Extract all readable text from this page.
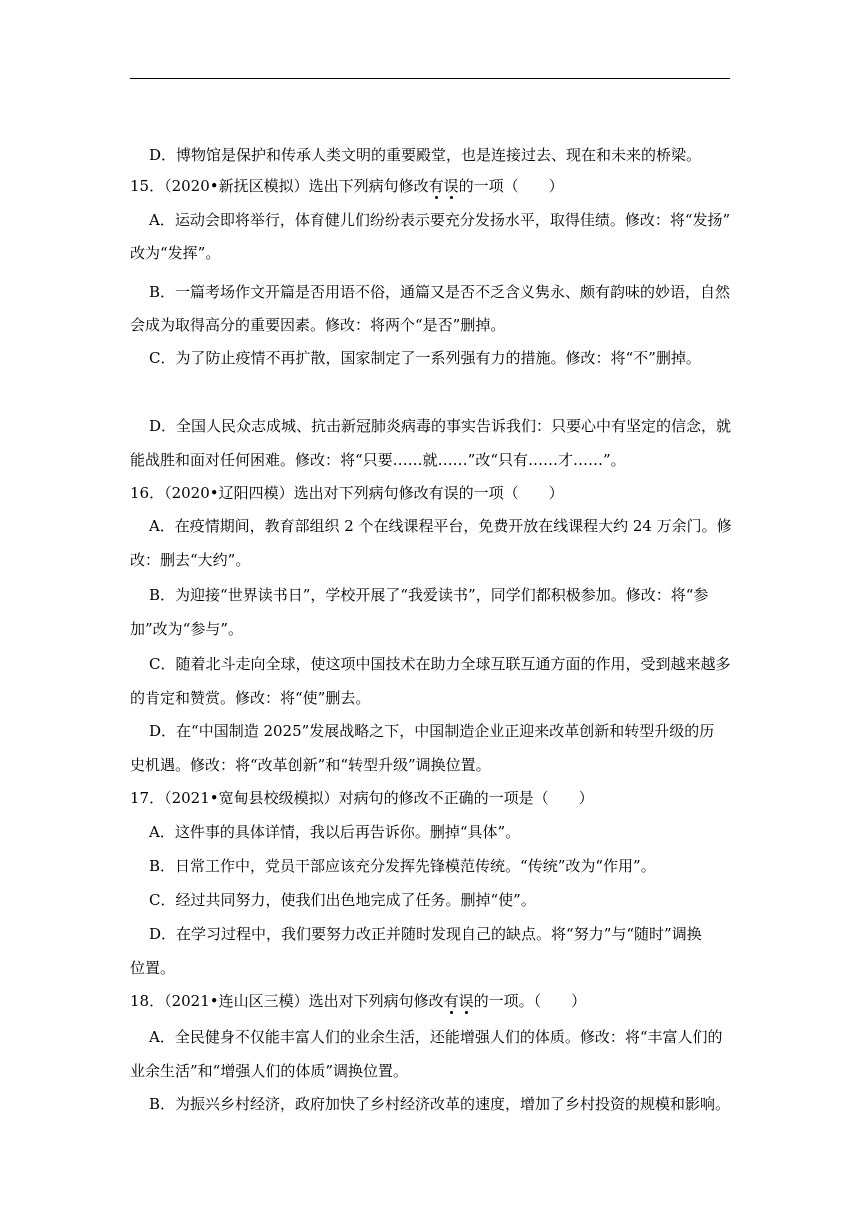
D．博物馆是保护和传承人类文明的重要殿堂，也是连接过去、现在和未来的桥梁。
15．（2020•新抚区模拟）选出下列病句修改有误的一项（　　）
A．运动会即将举行，体育健儿们纷纷表示要充分发扬水平，取得佳绩。修改：将“发扬”
改为“发挥”。
B．一篇考场作文开篇是否用语不俗，通篇又是否不乏含义隽永、颇有韵味的妙语，自然
会成为取得高分的重要因素。修改：将两个“是否”删掉。
C．为了防止疫情不再扩散，国家制定了一系列强有力的措施。修改：将“不”删掉。
D．全国人民众志成城、抗击新冠肺炎病毒的事实告诉我们：只要心中有坚定的信念，就
能战胜和面对任何困难。修改：将“只要……就……”改“只有……才……”。
16．（2020•辽阳四模）选出对下列病句修改有误的一项（　　）
A．在疫情期间，教育部组织 2 个在线课程平台，免费开放在线课程大约 24 万余门。修
改：删去“大约”。
B．为迎接“世界读书日”，学校开展了“我爱读书”，同学们都积极参加。修改：将“参
加”改为“参与”。
C．随着北斗走向全球，使这项中国技术在助力全球互联互通方面的作用，受到越来越多
的肯定和赞赏。修改：将“使”删去。
D．在“中国制造 2025”发展战略之下，中国制造企业正迎来改革创新和转型升级的历
史机遇。修改：将“改革创新”和“转型升级”调换位置。
17．（2021•宽甸县校级模拟）对病句的修改不正确的一项是（　　）
A．这件事的具体详情，我以后再告诉你。删掉“具体”。
B．日常工作中，党员干部应该充分发挥先锋模范传统。“传统”改为“作用”。
C．经过共同努力，使我们出色地完成了任务。删掉“使”。
D．在学习过程中，我们要努力改正并随时发现自己的缺点。将“努力”与“随时”调换
位置。
18．（2021•连山区三模）选出对下列病句修改有误的一项。（　　）
A．全民健身不仅能丰富人们的业余生活，还能增强人们的体质。修改：将“丰富人们的
业余生活”和“增强人们的体质”调换位置。
B．为振兴乡村经济，政府加快了乡村经济改革的速度，增加了乡村投资的规模和影响。
